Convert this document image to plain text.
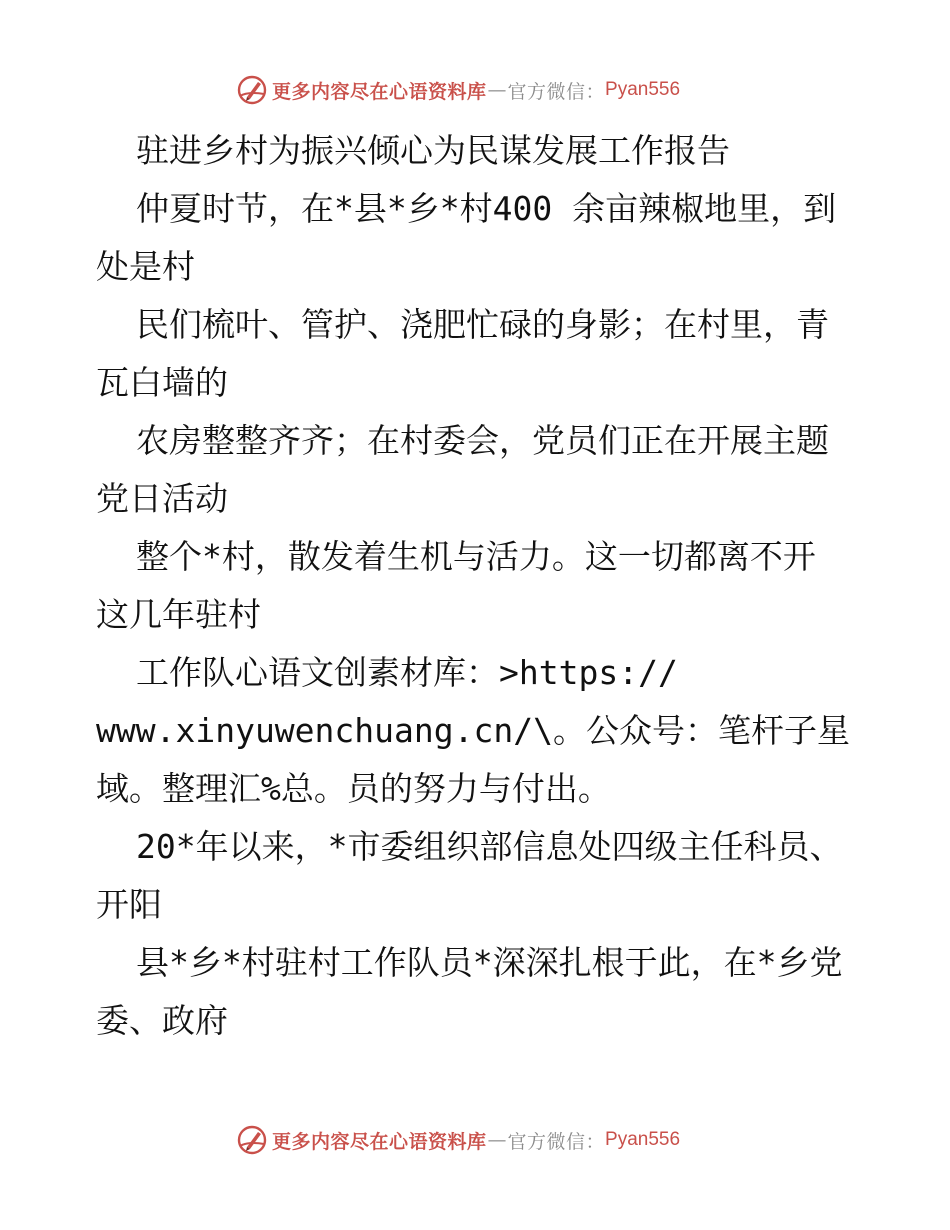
更多内容尽在心语资料库 — 官方微信： Pyan556

驻进乡村为振兴倾心为民谋发展工作报告

仲夏时节，在*县*乡*村400 余亩辣椒地里，到

处是村

民们梳叶、管护、浇肥忙碌的身影；在村里，青

瓦白墙的

农房整整齐齐；在村委会，党员们正在开展主题

党日活动

整个*村，散发着生机与活力。这一切都离不开

这几年驻村

工作队心语文创素材库：>https://

www.xinyuwenchuang.cn/\。公众号：笔杆子星

域。整理汇%总。员的努力与付出。

20*年以来，*市委组织部信息处四级主任科员、

开阳

县*乡*村驻村工作队员*深深扎根于此，在*乡党

委、政府

更多内容尽在心语资料库 — 官方微信： Pyan556
